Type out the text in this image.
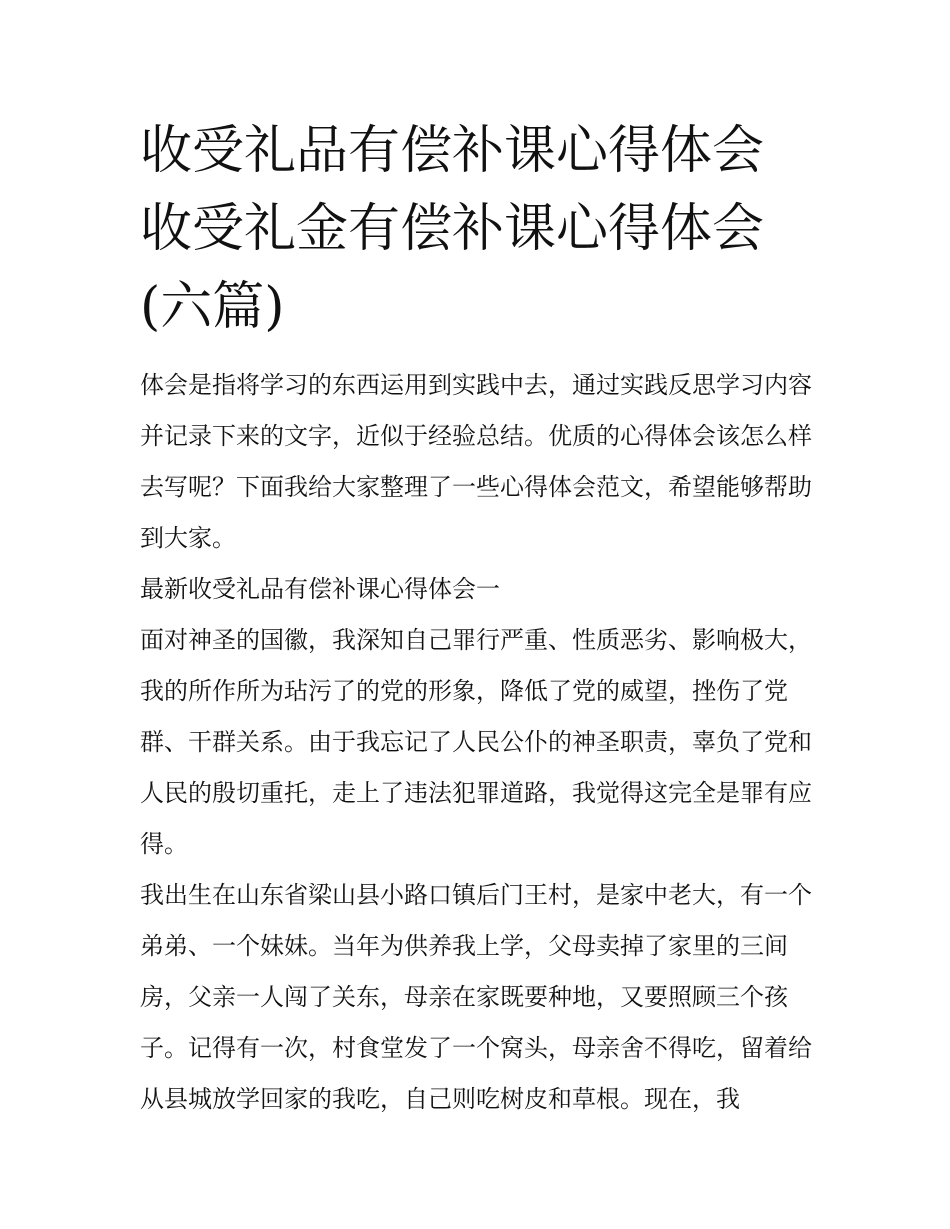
收受礼品有偿补课心得体会 收受礼金有偿补课心得体会(六篇)

体会是指将学习的东西运用到实践中去，通过实践反思学习内容并记录下来的文字，近似于经验总结。优质的心得体会该怎么样去写呢？下面我给大家整理了一些心得体会范文，希望能够帮助到大家。

最新收受礼品有偿补课心得体会一

面对神圣的国徽，我深知自己罪行严重、性质恶劣、影响极大，我的所作所为玷污了的党的形象，降低了党的威望，挫伤了党群、干群关系。由于我忘记了人民公仆的神圣职责，辜负了党和人民的殷切重托，走上了违法犯罪道路，我觉得这完全是罪有应得。

我出生在山东省梁山县小路口镇后门王村，是家中老大，有一个弟弟、一个妹妹。当年为供养我上学，父母卖掉了家里的三间房，父亲一人闯了关东，母亲在家既要种地，又要照顾三个孩子。记得有一次，村食堂发了一个窝头，母亲舍不得吃，留着给从县城放学回家的我吃，自己则吃树皮和草根。现在，我
